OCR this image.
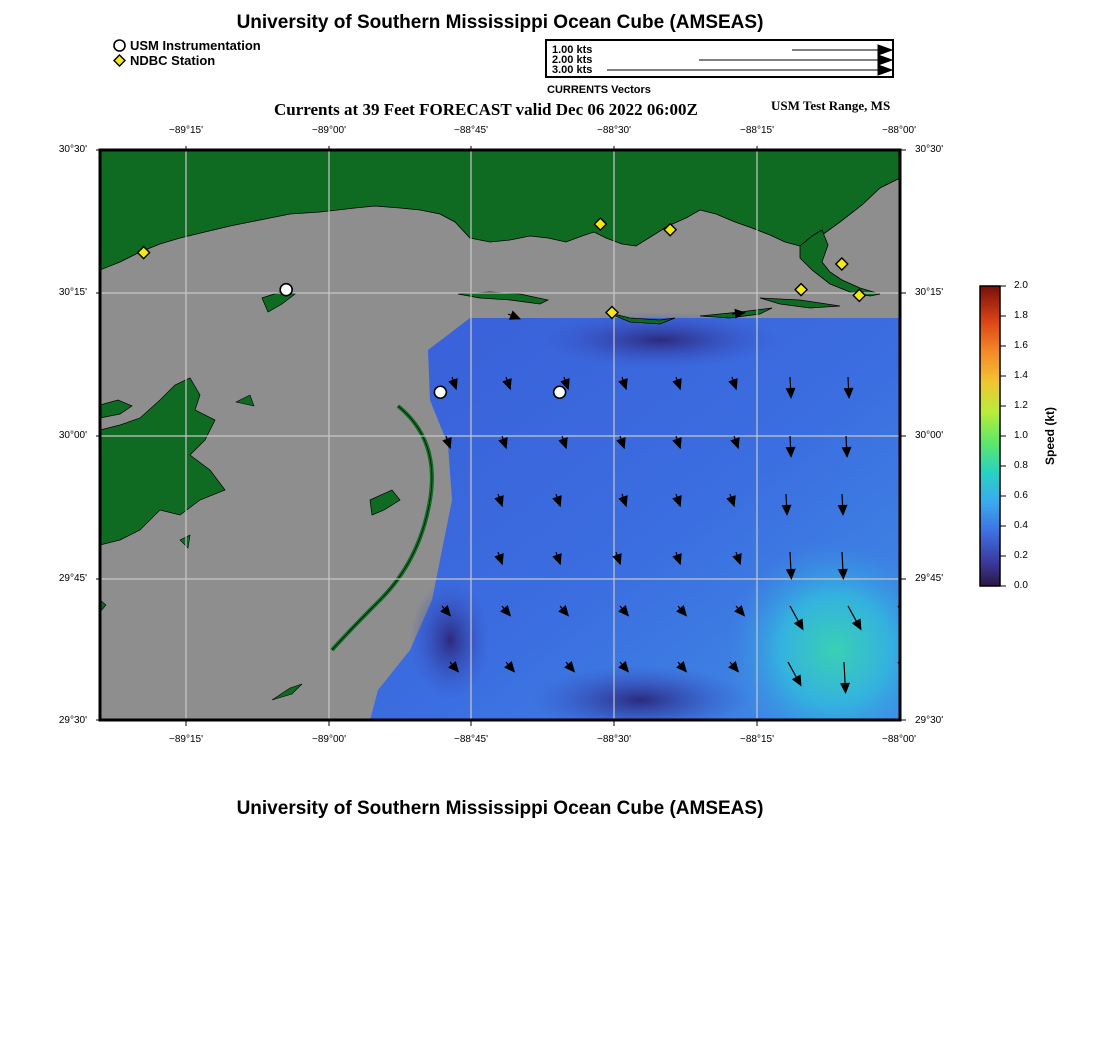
University of Southern Mississippi Ocean Cube (AMSEAS)
University of Southern Mississippi Ocean Cube (AMSEAS)
USM Instrumentation
NDBC Station
1.00 kts
2.00 kts
3.00 kts
CURRENTS Vectors
Currents at 39 Feet FORECAST valid Dec 06 2022 06:00Z	USM Test Range, MS
−89°15'	−89°00'	−88°45'	−88°30'	−88°15'	−88°00'
−89°15'	−89°00'	−88°45'	−88°30'	−88°15'	−88°00'
30°30'
30°15'
30°00'
29°45'
29°30'
30°30'
30°15'
30°00'
29°45'
29°30'
2.0
1.8
1.6
1.4
1.2
1.0
0.8
0.6
0.4
0.2
0.0
Speed (kt)
